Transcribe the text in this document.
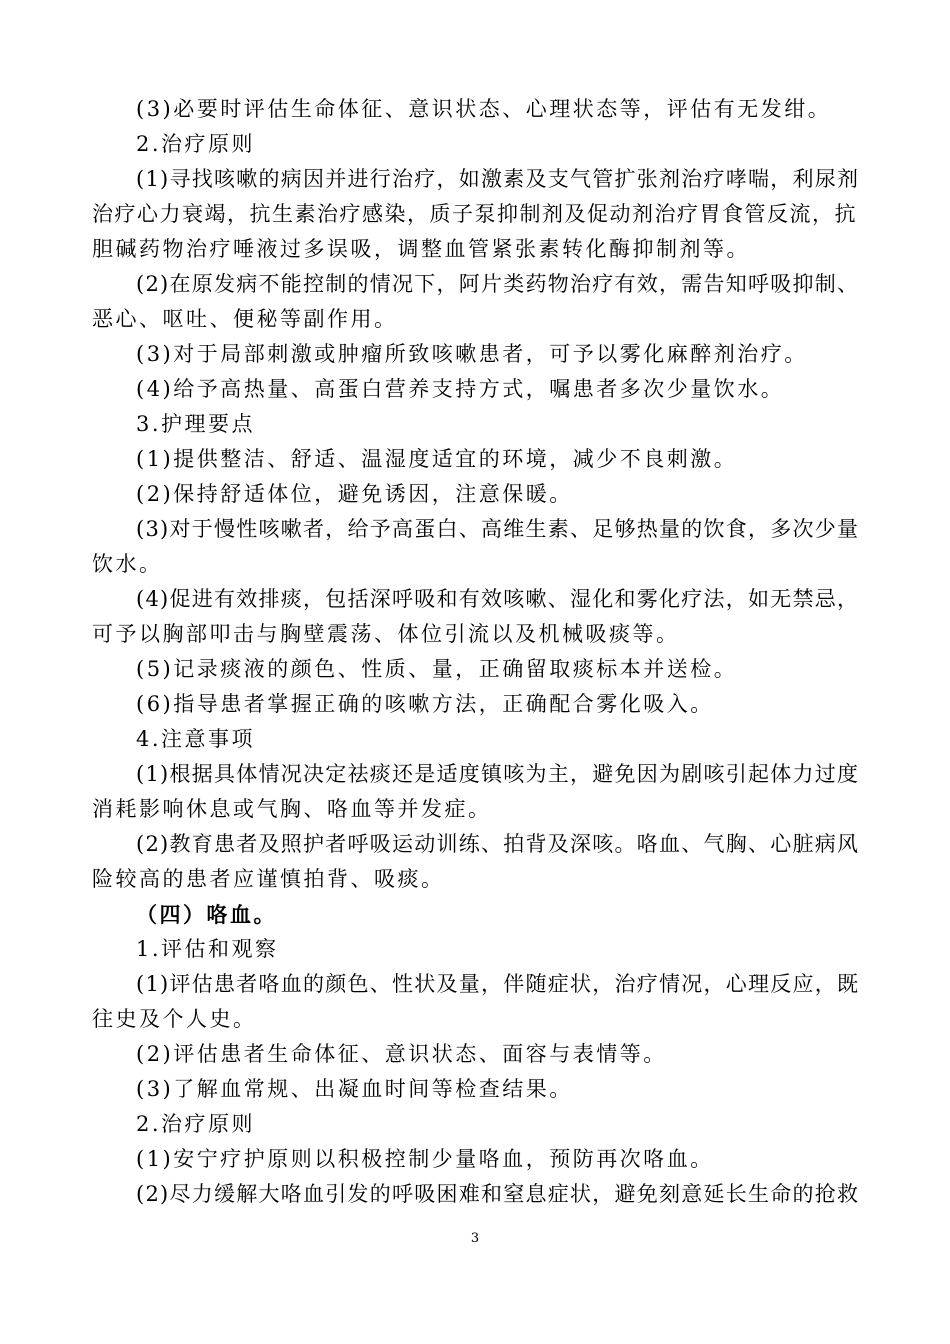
(3)必要时评估生命体征、意识状态、心理状态等，评估有无发绀。
2.治疗原则
(1)寻找咳嗽的病因并进行治疗，如激素及支气管扩张剂治疗哮喘，利尿剂
治疗心力衰竭，抗生素治疗感染，质子泵抑制剂及促动剂治疗胃食管反流，抗
胆碱药物治疗唾液过多误吸，调整血管紧张素转化酶抑制剂等。
(2)在原发病不能控制的情况下，阿片类药物治疗有效，需告知呼吸抑制、
恶心、呕吐、便秘等副作用。
(3)对于局部刺激或肿瘤所致咳嗽患者，可予以雾化麻醉剂治疗。
(4)给予高热量、高蛋白营养支持方式，嘱患者多次少量饮水。
3.护理要点
(1)提供整洁、舒适、温湿度适宜的环境，减少不良刺激。
(2)保持舒适体位，避免诱因，注意保暖。
(3)对于慢性咳嗽者，给予高蛋白、高维生素、足够热量的饮食，多次少量
饮水。
(4)促进有效排痰，包括深呼吸和有效咳嗽、湿化和雾化疗法，如无禁忌，
可予以胸部叩击与胸壁震荡、体位引流以及机械吸痰等。
(5)记录痰液的颜色、性质、量，正确留取痰标本并送检。
(6)指导患者掌握正确的咳嗽方法，正确配合雾化吸入。
4.注意事项
(1)根据具体情况决定祛痰还是适度镇咳为主，避免因为剧咳引起体力过度
消耗影响休息或气胸、咯血等并发症。
(2)教育患者及照护者呼吸运动训练、拍背及深咳。咯血、气胸、心脏病风
险较高的患者应谨慎拍背、吸痰。
（四）咯血。
1.评估和观察
(1)评估患者咯血的颜色、性状及量，伴随症状，治疗情况，心理反应，既
往史及个人史。
(2)评估患者生命体征、意识状态、面容与表情等。
(3)了解血常规、出凝血时间等检查结果。
2.治疗原则
(1)安宁疗护原则以积极控制少量咯血，预防再次咯血。
(2)尽力缓解大咯血引发的呼吸困难和窒息症状，避免刻意延长生命的抢救
3
